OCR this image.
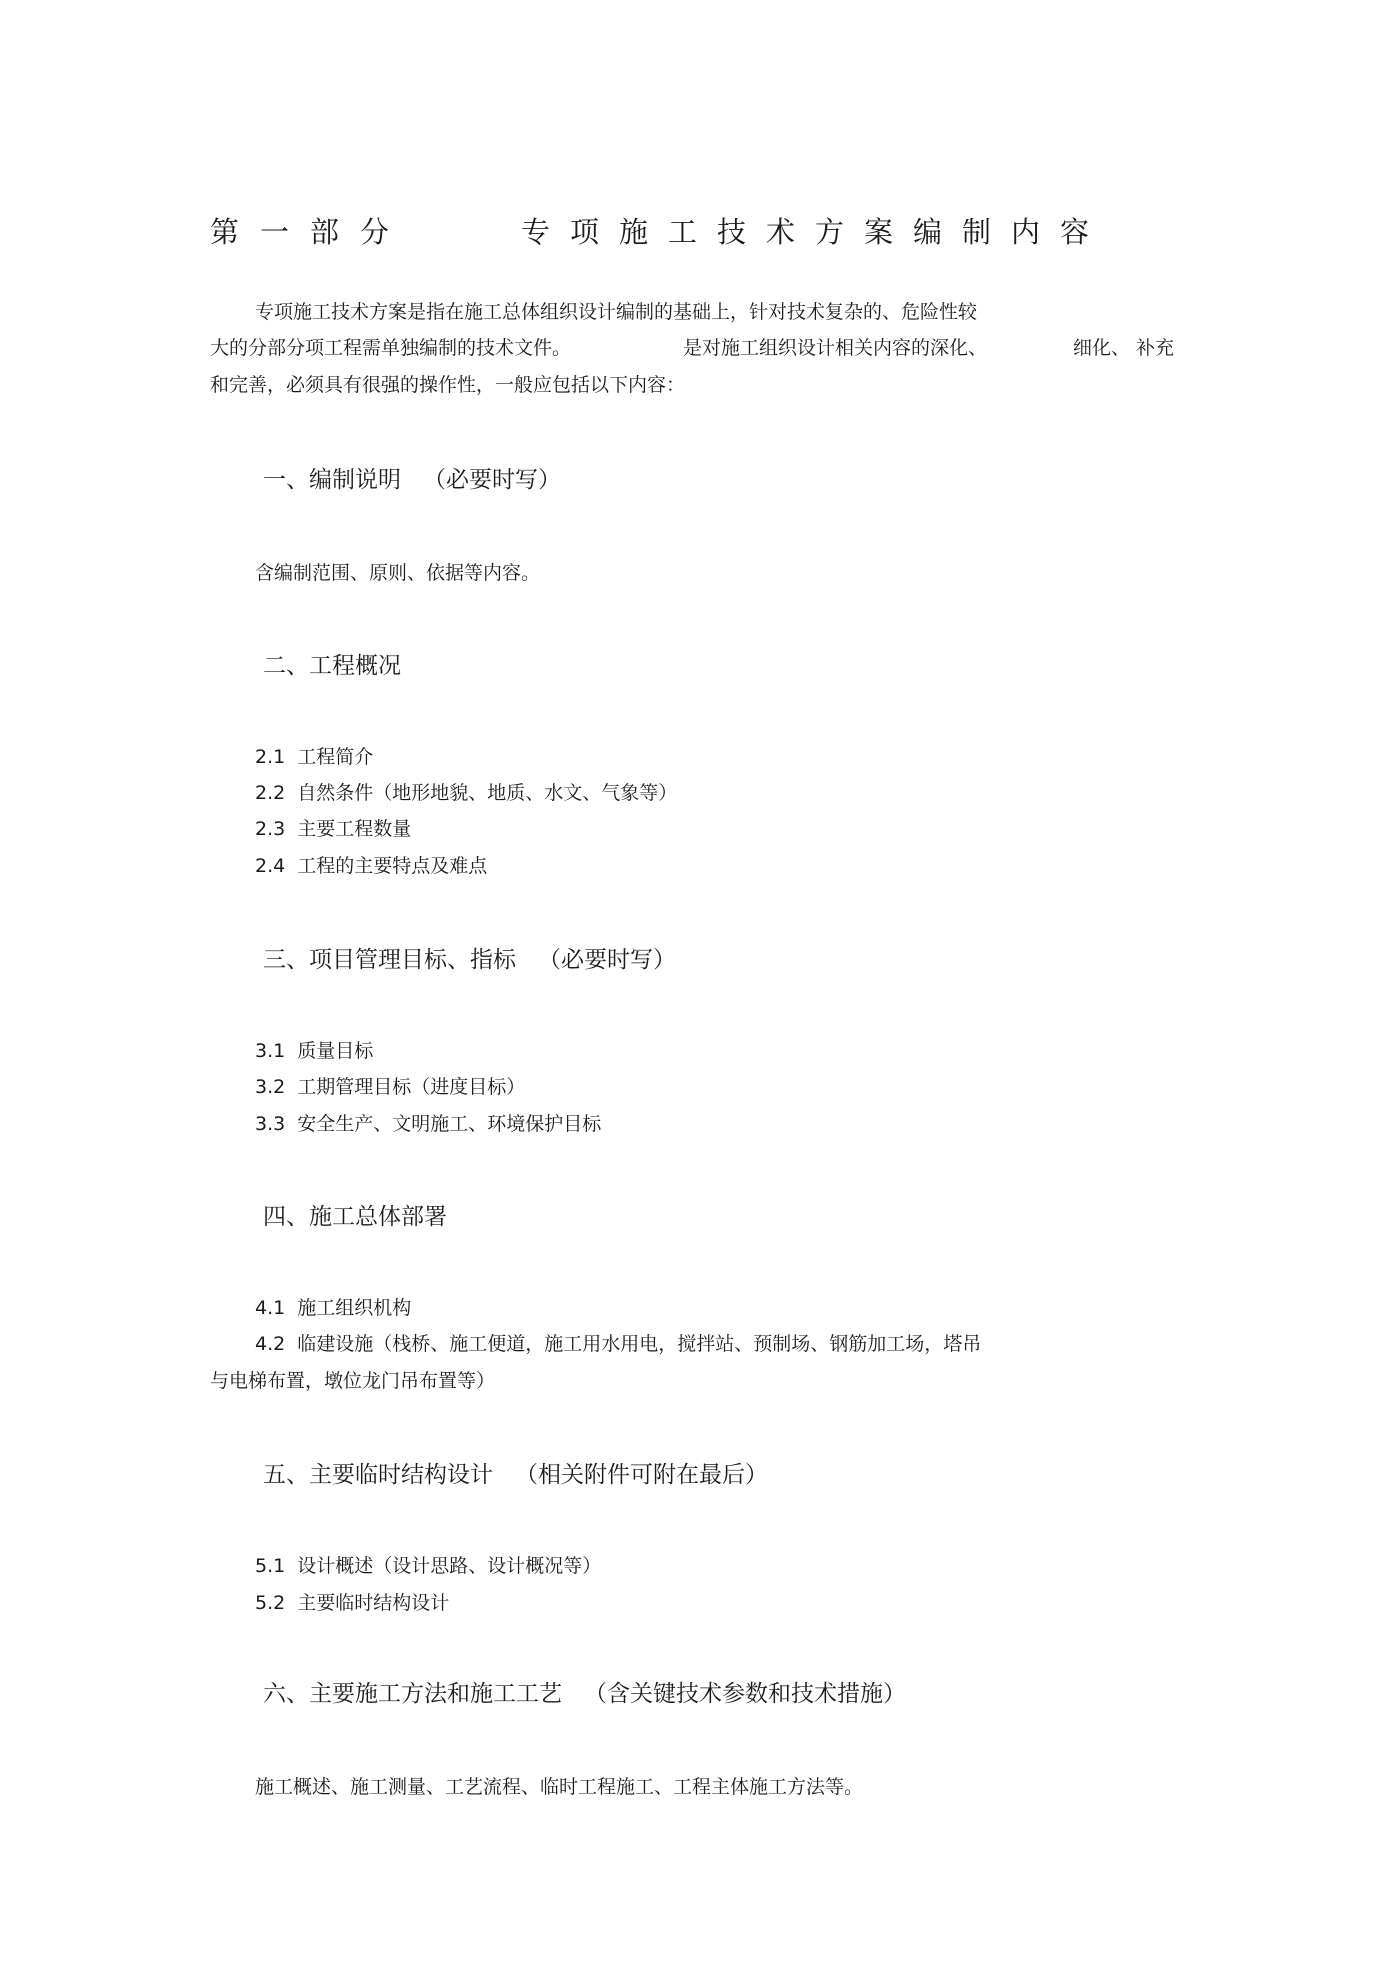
第一部分	专项施工技术方案编制内容
专项施工技术方案是指在施工总体组织设计编制的基础上，针对技术复杂的、危险性较
大的分部分项工程需单独编制的技术文件。	是对施工组织设计相关内容的深化、	细化、 补充
和完善，必须具有很强的操作性，一般应包括以下内容：
一、编制说明 （必要时写）
含编制范围、原则、依据等内容。
二、工程概况
2.1 工程简介
2.2 自然条件（地形地貌、地质、水文、气象等）
2.3 主要工程数量
2.4 工程的主要特点及难点
三、项目管理目标、指标 （必要时写）
3.1 质量目标
3.2 工期管理目标（进度目标）
3.3 安全生产、文明施工、环境保护目标
四、施工总体部署
4.1 施工组织机构
4.2 临建设施（栈桥、施工便道，施工用水用电，搅拌站、预制场、钢筋加工场，塔吊
与电梯布置，墩位龙门吊布置等）
五、主要临时结构设计 （相关附件可附在最后）
5.1 设计概述（设计思路、设计概况等）
5.2 主要临时结构设计
六、主要施工方法和施工工艺 （含关键技术参数和技术措施）
施工概述、施工测量、工艺流程、临时工程施工、工程主体施工方法等。
